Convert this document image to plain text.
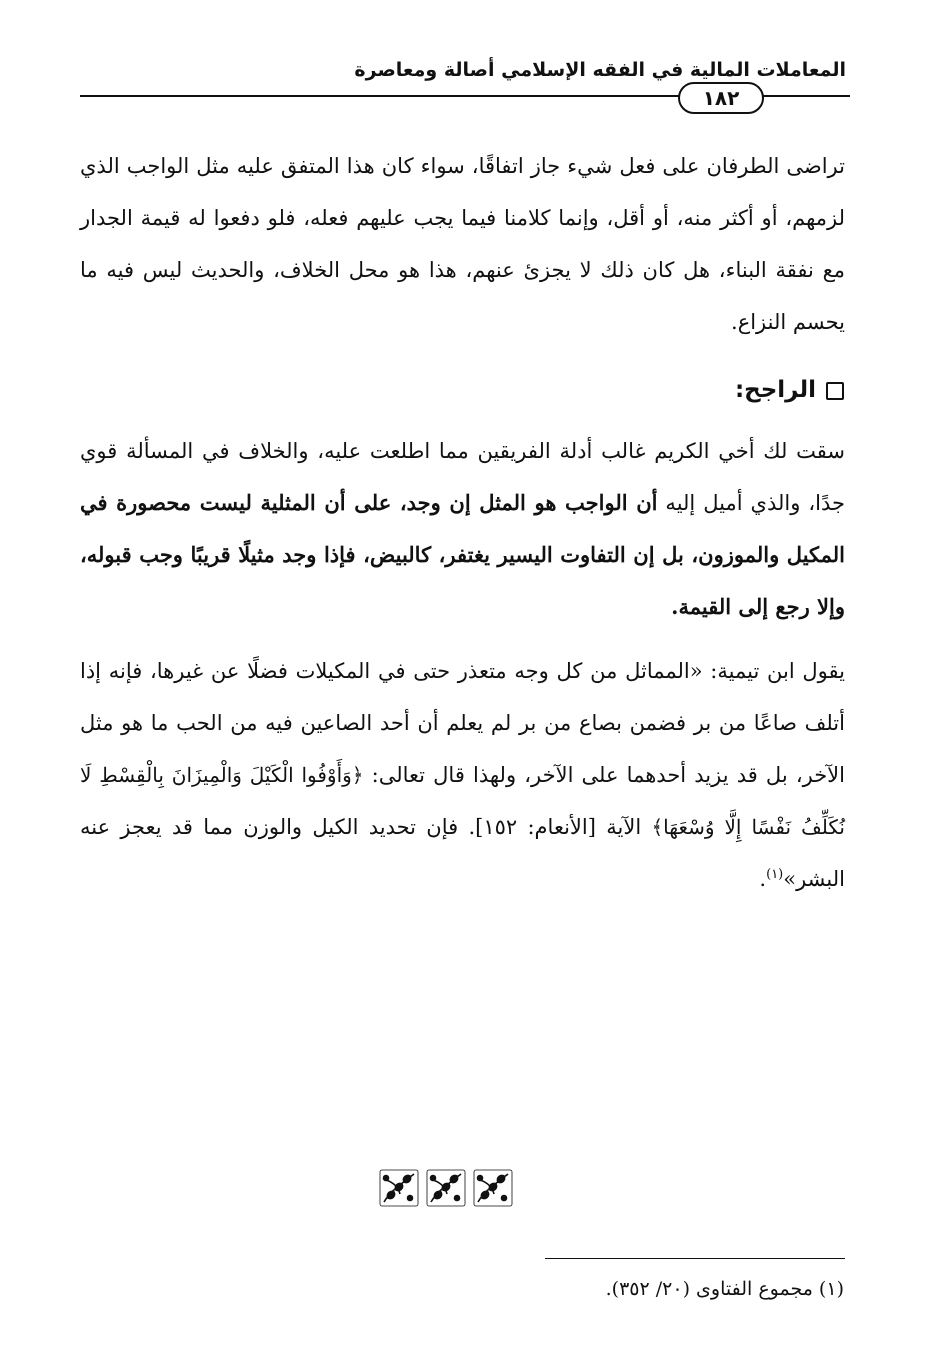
المعاملات المالية في الفقه الإسلامي أصالة ومعاصرة
١٨٢
تراضى الطرفان على فعل شيء جاز اتفاقًا، سواء كان هذا المتفق عليه مثل الواجب الذي لزمهم، أو أكثر منه، أو أقل، وإنما كلامنا فيما يجب عليهم فعله، فلو دفعوا له قيمة الجدار مع نفقة البناء، هل كان ذلك لا يجزئ عنهم، هذا هو محل الخلاف، والحديث ليس فيه ما يحسم النزاع.
الراجح:
سقت لك أخي الكريم غالب أدلة الفريقين مما اطلعت عليه، والخلاف في المسألة قوي جدًا، والذي أميل إليه أن الواجب هو المثل إن وجد، على أن المثلية ليست محصورة في المكيل والموزون، بل إن التفاوت اليسير يغتفر، كالبيض، فإذا وجد مثيلًا قريبًا وجب قبوله، وإلا رجع إلى القيمة.
يقول ابن تيمية: «المماثل من كل وجه متعذر حتى في المكيلات فضلًا عن غيرها، فإنه إذا أتلف صاعًا من بر فضمن بصاع من بر لم يعلم أن أحد الصاعين فيه من الحب ما هو مثل الآخر، بل قد يزيد أحدهما على الآخر، ولهذا قال تعالى: ﴿وَأَوْفُوا الْكَيْلَ وَالْمِيزَانَ بِالْقِسْطِ لَا نُكَلِّفُ نَفْسًا إِلَّا وُسْعَهَا﴾ الآية [الأنعام: ١٥٢]. فإن تحديد الكيل والوزن مما قد يعجز عنه البشر»$^{(١)}$.
(١) مجموع الفتاوى (٢٠/ ٣٥٢).
